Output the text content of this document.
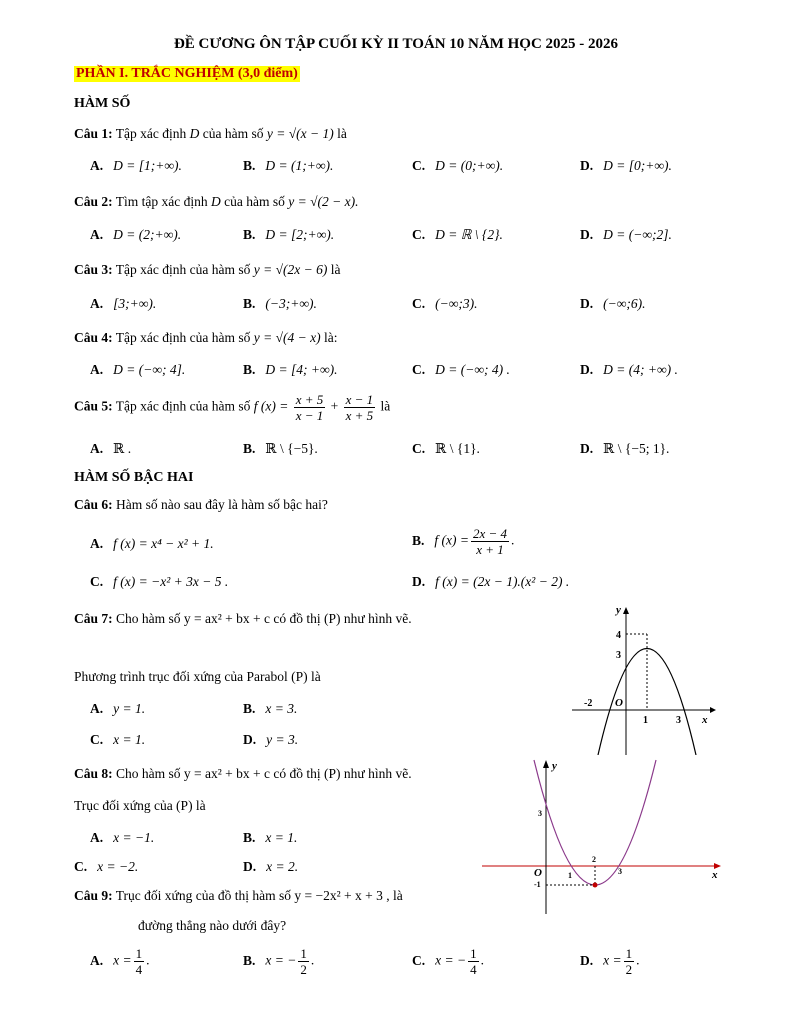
ĐỀ CƯƠNG ÔN TẬP CUỐI KỲ II TOÁN 10 NĂM HỌC 2025 - 2026
PHẦN I. TRẮC NGHIỆM (3,0 điểm)
HÀM SỐ
Câu 1: Tập xác định D của hàm số y = √(x − 1) là
A. D = [1;+∞).	B. D = (1;+∞).	C. D = (0;+∞).	D. D = [0;+∞).
Câu 2: Tìm tập xác định D của hàm số y = √(2 − x).
A. D = (2;+∞).	B. D = [2;+∞).	C. D = ℝ \ {2}.	D. D = (−∞;2].
Câu 3: Tập xác định của hàm số y = √(2x − 6) là
A. [3;+∞).	B. (−3;+∞).	C. (−∞;3).	D. (−∞;6).
Câu 4: Tập xác định của hàm số y = √(4 − x) là:
A. D = (−∞; 4].	B. D = [4; +∞).	C. D = (−∞; 4) .	D. D = (4; +∞) .
Câu 5: Tập xác định của hàm số f $(x) = \frac{x + 5}{x - 1} + \frac{x - 1}{x + 5}$ là
A. ℝ .	B. ℝ \ {−5}.	C. ℝ \ {1}.	D. ℝ \ {−5; 1}.
HÀM SỐ BẬC HAI
Câu 6: Hàm số nào sau đây là hàm số bậc hai?
A. f (x) = x⁴ − x² + 1.	B. f $(x) = \frac{2x - 4}{x + 1}$ .
C. f (x) = −x² + 3x − 5 .	D. f (x) = (2x − 1).(x² − 2) .
Câu 7: Cho hàm số y = ax² + bx + c có đồ thị (P) như hình vẽ.
Phương trình trục đối xứng của Parabol (P) là
A. y = 1.	B. x = 3.
C. x = 1.	D. y = 3.
y
x
O
4
3
-2
1	3
Câu 8: Cho hàm số y = ax² + bx + c có đồ thị (P) như hình vẽ.
Trục đối xứng của (P) là
A. x = −1.	B. x = 1.
C. x = −2.	D. x = 2.
y
x
O
3
1
2
3
-1
Câu 9: Trục đối xứng của đồ thị hàm số y = −2x² + x + 3 , là
đường thẳng nào dưới đây?
A. $x = \frac{1}{4}$ .	B. x = − $\frac{1}{2}$ .	C. x = − $\frac{1}{4}$ .	D. $x = \frac{1}{2}$ .
